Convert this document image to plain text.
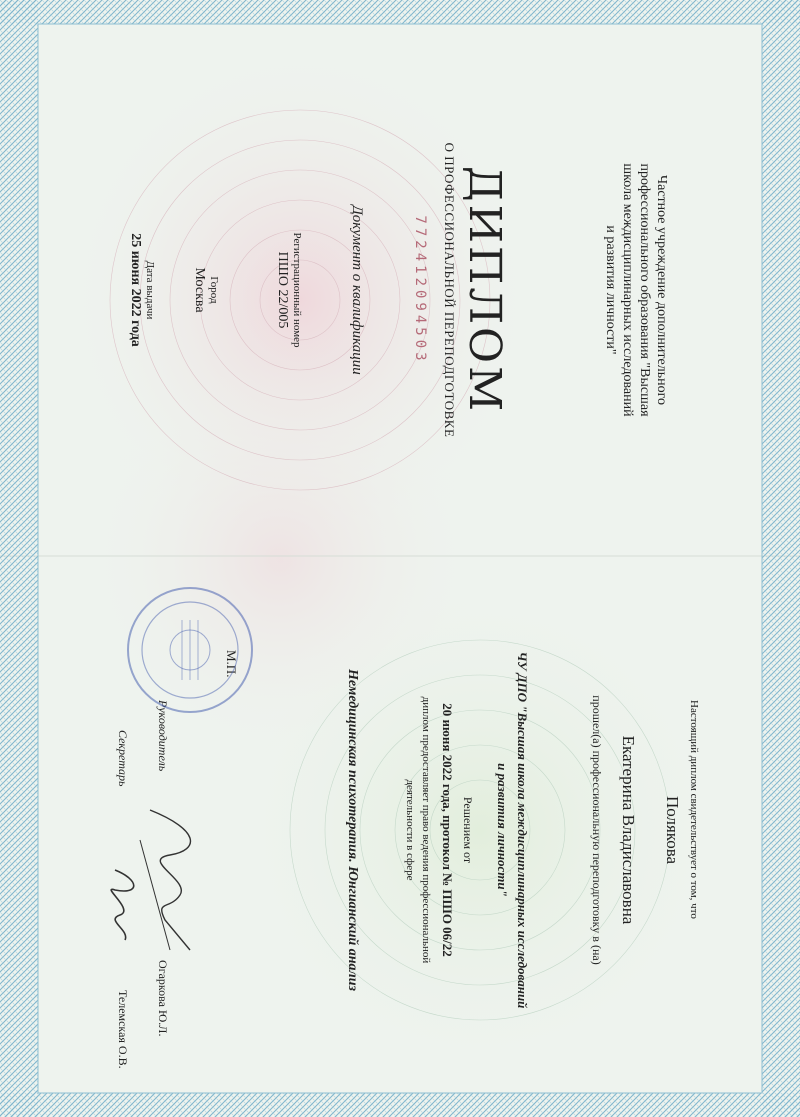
Частное учреждение дополнительного
профессионального образования "Высшая
школа междисциплинарных исследований
и развития личности"
ДИПЛОМ
О ПРОФЕССИОНАЛЬНОЙ ПЕРЕПОДГОТОВКЕ
772412094503
Документ о квалификации
Регистрационный номер
ПШО 22/005
Город
Москва
Дата выдачи
25 июня 2022 года
Настоящий диплом свидетельствует о том, что
Полякова
Екатерина Владиславовна
прошел(а) профессиональную переподготовку в (на)
ЧУ ДПО "Высшая школа междисциплинарных исследований
и развития личности"
Решением от
20 июня 2022 года, протокол № ПШО 06/22
диплом предоставляет право ведения профессиональной
деятельности в сфере
Немедицинская психотерапия. Юнгианский анализ
М.П.
Руководитель
Огаркова Ю.Л.
Секретарь
Телемская О.В.
